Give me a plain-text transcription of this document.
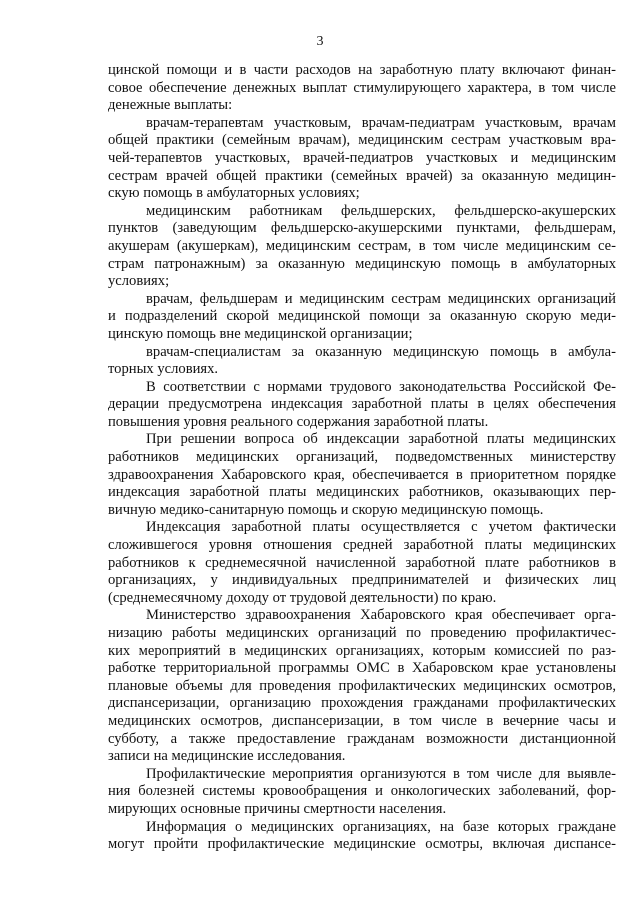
3

цинской помощи и в части расходов на заработную плату включают финан-
совое обеспечение денежных выплат стимулирующего характера, в том числе
денежные выплаты:

врачам-терапевтам участковым, врачам-педиатрам участковым, врачам
общей практики (семейным врачам), медицинским сестрам участковым вра-
чей-терапевтов участковых, врачей-педиатров участковых и медицинским
сестрам врачей общей практики (семейных врачей) за оказанную медицин-
скую помощь в амбулаторных условиях;

медицинским работникам фельдшерских, фельдшерско-акушерских
пунктов (заведующим фельдшерско-акушерскими пунктами, фельдшерам,
акушерам (акушеркам), медицинским сестрам, в том числе медицинским се-
страм патронажным) за оказанную медицинскую помощь в амбулаторных
условиях;

врачам, фельдшерам и медицинским сестрам медицинских организаций
и подразделений скорой медицинской помощи за оказанную скорую меди-
цинскую помощь вне медицинской организации;

врачам-специалистам за оказанную медицинскую помощь в амбула-
торных условиях.

В соответствии с нормами трудового законодательства Российской Фе-
дерации предусмотрена индексация заработной платы в целях обеспечения
повышения уровня реального содержания заработной платы.

При решении вопроса об индексации заработной платы медицинских
работников медицинских организаций, подведомственных министерству
здравоохранения Хабаровского края, обеспечивается в приоритетном порядке
индексация заработной платы медицинских работников, оказывающих пер-
вичную медико-санитарную помощь и скорую медицинскую помощь.

Индексация заработной платы осуществляется с учетом фактически
сложившегося уровня отношения средней заработной платы медицинских
работников к среднемесячной начисленной заработной плате работников в
организациях, у индивидуальных предпринимателей и физических лиц
(среднемесячному доходу от трудовой деятельности) по краю.

Министерство здравоохранения Хабаровского края обеспечивает орга-
низацию работы медицинских организаций по проведению профилактичес-
ких мероприятий в медицинских организациях, которым комиссией по раз-
работке территориальной программы ОМС в Хабаровском крае установлены
плановые объемы для проведения профилактических медицинских осмотров,
диспансеризации, организацию прохождения гражданами профилактических
медицинских осмотров, диспансеризации, в том числе в вечерние часы и
субботу, а также предоставление гражданам возможности дистанционной
записи на медицинские исследования.

Профилактические мероприятия организуются в том числе для выявле-
ния болезней системы кровообращения и онкологических заболеваний, фор-
мирующих основные причины смертности населения.

Информация о медицинских организациях, на базе которых граждане
могут пройти профилактические медицинские осмотры, включая диспансе-
